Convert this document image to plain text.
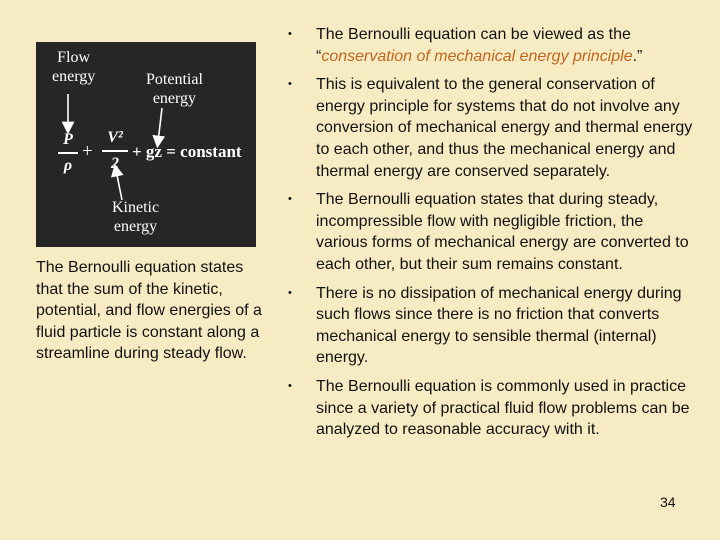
Flow
energy	Potential
energy
Kinetic
energy
P
ρ
+
V²
2
+ gz = constant
The Bernoulli equation states that the sum of the kinetic, potential, and flow energies of a fluid particle is constant along a streamline during steady flow.
•	The Bernoulli equation can be viewed as the “conservation of mechanical energy principle.”
•	This is equivalent to the general conservation of energy principle for systems that do not involve any conversion of mechanical energy and thermal energy to each other, and thus the mechanical energy and thermal energy are conserved separately.
•	The Bernoulli equation states that during steady, incompressible flow with negligible friction, the various forms of mechanical energy are converted to each other, but their sum remains constant.
•	There is no dissipation of mechanical energy during such flows since there is no friction that converts mechanical energy to sensible thermal (internal) energy.
•	The Bernoulli equation is commonly used in practice since a variety of practical fluid flow problems can be analyzed to reasonable accuracy with it.
34
